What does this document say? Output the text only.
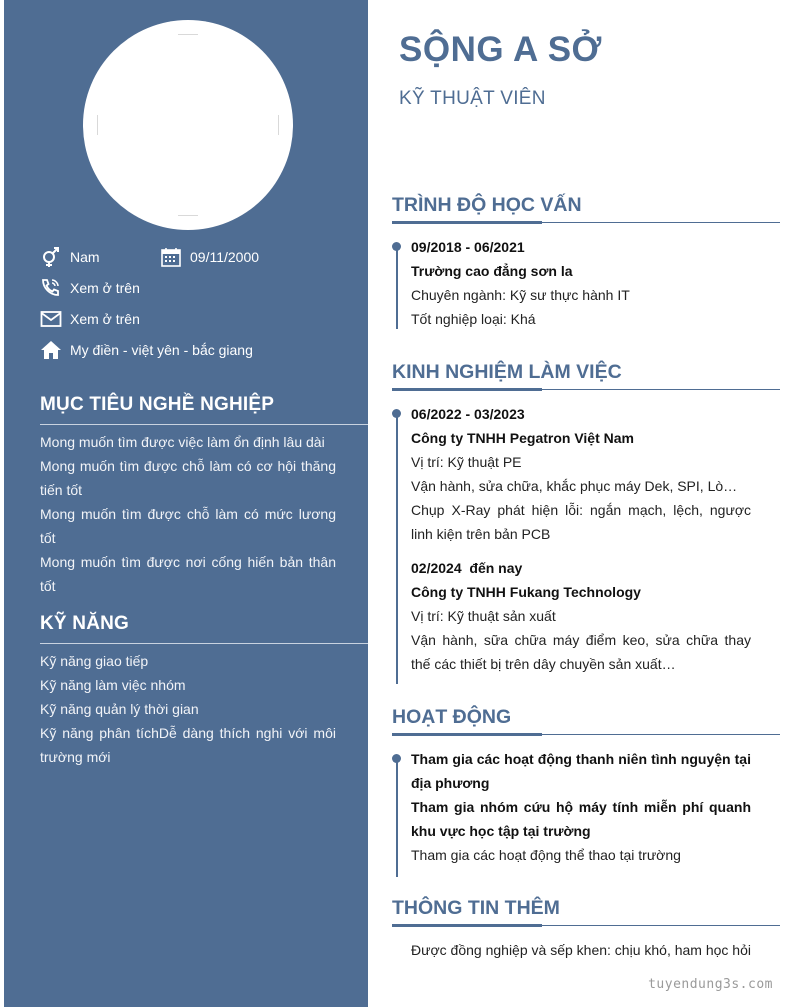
Nam	09/11/2000
Xem ở trên
Xem ở trên
My điền - việt yên - bắc giang
MỤC TIÊU NGHỀ NGHIỆP
Mong muốn tìm được việc làm ổn định lâu dài
Mong muốn tìm được chỗ làm có cơ hội thăng tiến tốt
Mong muốn tìm được chỗ làm có mức lương tốt
Mong muốn tìm được nơi cống hiến bản thân tốt
KỸ NĂNG
Kỹ năng giao tiếp
Kỹ năng làm việc nhóm
Kỹ năng quản lý thời gian
Kỹ năng phân tíchDễ dàng thích nghi với môi trường mới
SỘNG A SỞ
KỸ THUẬT VIÊN
TRÌNH ĐỘ HỌC VẤN
09/2018 - 06/2021
Trường cao đẳng sơn la
Chuyên ngành: Kỹ sư thực hành IT
Tốt nghiệp loại: Khá
KINH NGHIỆM LÀM VIỆC
06/2022 - 03/2023
Công ty TNHH Pegatron Việt Nam
Vị trí: Kỹ thuật PE
Vận hành, sửa chữa, khắc phục máy Dek, SPI, Lò…
Chụp X-Ray phát hiện lỗi: ngắn mạch, lệch, ngược linh kiện trên bản PCB
02/2024  đến nay
Công ty TNHH Fukang Technology
Vị trí: Kỹ thuật sản xuất
Vận hành, sữa chữa máy điểm keo, sửa chữa thay thế các thiết bị trên dây chuyền sản xuất…
HOẠT ĐỘNG
Tham gia các hoạt động thanh niên tình nguyện tại địa phương
Tham gia nhóm cứu hộ máy tính miễn phí quanh khu vực học tập tại trường
Tham gia các hoạt động thể thao tại trường
THÔNG TIN THÊM
Được đồng nghiệp và sếp khen: chịu khó, ham học hỏi
tuyendung3s.com
